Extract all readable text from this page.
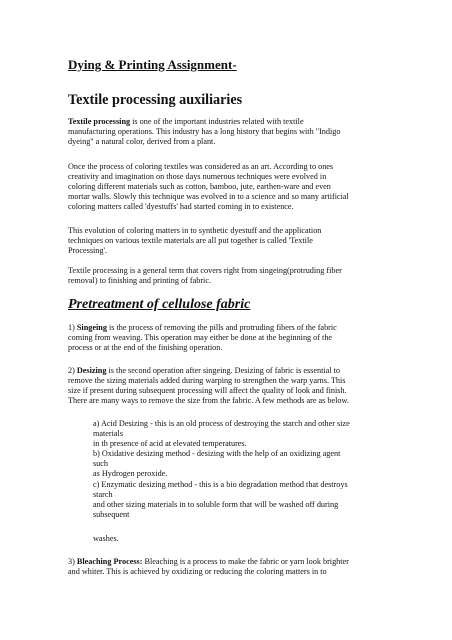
Dying & Printing Assignment-
Textile processing auxiliaries
Textile processing is one of the important industries related with textile
manufacturing operations. This industry has a long history that begins with "Indigo
dyeing" a natural color, derived from a plant.
Once the process of coloring textiles was considered as an art. According to ones
creativity and imagination on those days numerous techniques were evolved in
coloring different materials such as cotton, bamboo, jute, earthen-ware and even
mortar walls. Slowly this technique was evolved in to a science and so many artificial
coloring matters called 'dyestuffs' had started coming in to existence.
This evolution of coloring matters in to synthetic dyestuff and the application
techniques on various textile materials are all put together is called 'Textile
Processing'.
Textile processing is a general term that covers right from singeing(protruding fiber
removal) to finishing and printing of fabric.
Pretreatment of cellulose fabric
1) Singeing is the process of removing the pills and protruding fibers of the fabric
coming from weaving. This operation may either be done at the beginning of the
process or at the end of the finishing operation.
2) Desizing is the second operation after singeing. Desizing of fabric is essential to
remove the sizing materials added during warping to strengthen the warp yarns. This
size if present during subsequent processing will affect the quality of look and finish.
There are many ways to remove the size from the fabric. A few methods are as below.
a) Acid Desizing - this is an old process of destroying the starch and other size
materials
in th presence of acid at elevated temperatures.
b) Oxidative desizing method - desizing with the help of an oxidizing agent
such
as Hydrogen peroxide.
c) Enzymatic desizing method - this is a bio degradation method that destroys
starch
and other sizing materials in to soluble form that will be washed off during
subsequent
washes.
3) Bleaching Process: Bleaching is a process to make the fabric or yarn look brighter
and whiter. This is achieved by oxidizing or reducing the coloring matters in to
